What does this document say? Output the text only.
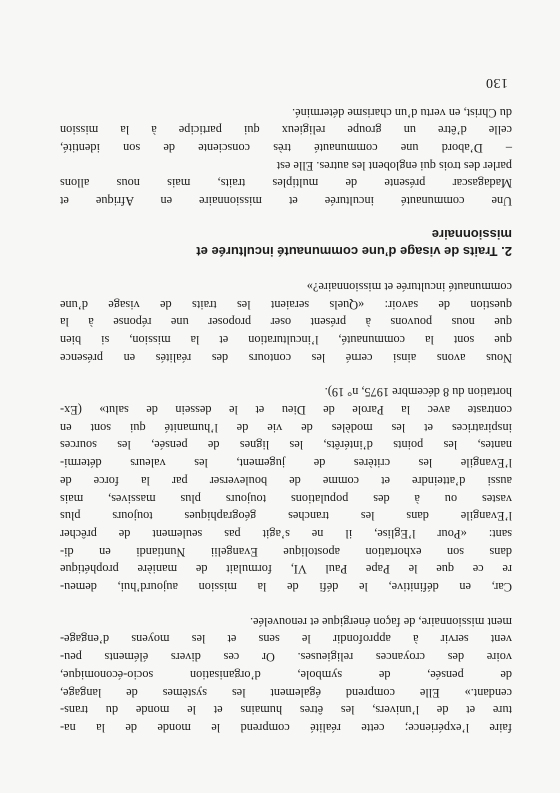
faire l’expérience; cette réalité comprend le monde de la na-
ture et de l’univers, les êtres humains et le monde du trans-
cendant.» Elle comprend également les systèmes de langage,
de pensée, de symbole, d’organisation socio-économique,
voire des croyances religieuses. Or ces divers éléments peu-
vent servir à approfondir le sens et les moyens d’engage-
ment missionnaire, de façon énergique et renouvelée.
Car, en définitive, le défi de la mission aujourd’hui, demeu-
re ce que le Pape Paul VI, formulait de manière prophétique
dans son exhortation apostolique Evangelii Nuntiandi en di-
sant: «Pour l’Eglise, il ne s’agit pas seulement de prêcher
l’Evangile dans les tranches géographiques toujours plus
vastes ou à des populations toujours plus massives, mais
aussi d’atteindre et comme de bouleverser par la force de
l’Evangile les critères de jugement, les valeurs détermi-
nantes, les points d’intérêts, les lignes de pensée, les sources
inspiratrices et les modèles de vie de l’humanité qui sont en
contraste avec la Parole de Dieu et le dessein de salut» (Ex-
hortation du 8 décembre 1975, n° 19).
Nous avons ainsi cerné les contours des réalités en présence
que sont la communauté, l’inculturation et la mission, si bien
que nous pouvons à présent oser proposer une réponse à la
question de savoir: «Quels seraient les traits de visage d’une
communauté inculturée et missionnaire?»
2. Traits de visage d’une communauté inculturée et
missionnaire
Une communauté inculturée et missionnaire en Afrique et
Madagascar présente de multiples traits, mais nous allons
parler des trois qui englobent les autres. Elle est
– D’abord une communauté très consciente de son identité,
celle d’être un groupe religieux qui participe à la mission
du Christ, en vertu d’un charisme déterminé.
130
